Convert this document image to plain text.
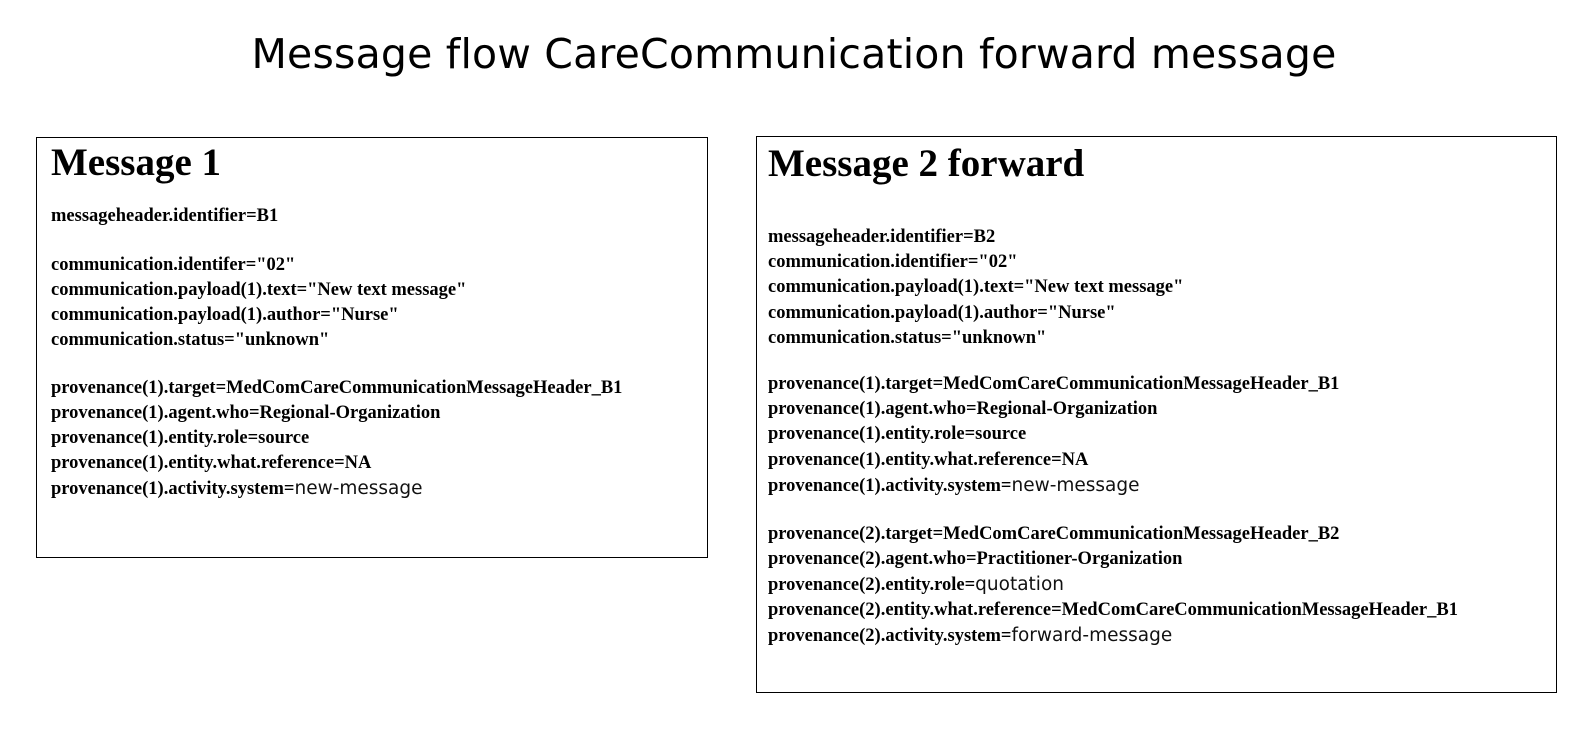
Message flow CareCommunication forward message
Message 1
messageheader.identifier=B1
communication.identifer="02"
communication.payload(1).text="New text message"
communication.payload(1).author="Nurse"
communication.status="unknown"
provenance(1).target=MedComCareCommunicationMessageHeader_B1
provenance(1).agent.who=Regional-Organization
provenance(1).entity.role=source
provenance(1).entity.what.reference=NA
provenance(1).activity.system=new-message
Message 2 forward
messageheader.identifier=B2
communication.identifier="02"
communication.payload(1).text="New text message"
communication.payload(1).author="Nurse"
communication.status="unknown"
provenance(1).target=MedComCareCommunicationMessageHeader_B1
provenance(1).agent.who=Regional-Organization
provenance(1).entity.role=source
provenance(1).entity.what.reference=NA
provenance(1).activity.system=new-message
provenance(2).target=MedComCareCommunicationMessageHeader_B2
provenance(2).agent.who=Practitioner-Organization
provenance(2).entity.role=quotation
provenance(2).entity.what.reference=MedComCareCommunicationMessageHeader_B1
provenance(2).activity.system=forward-message
